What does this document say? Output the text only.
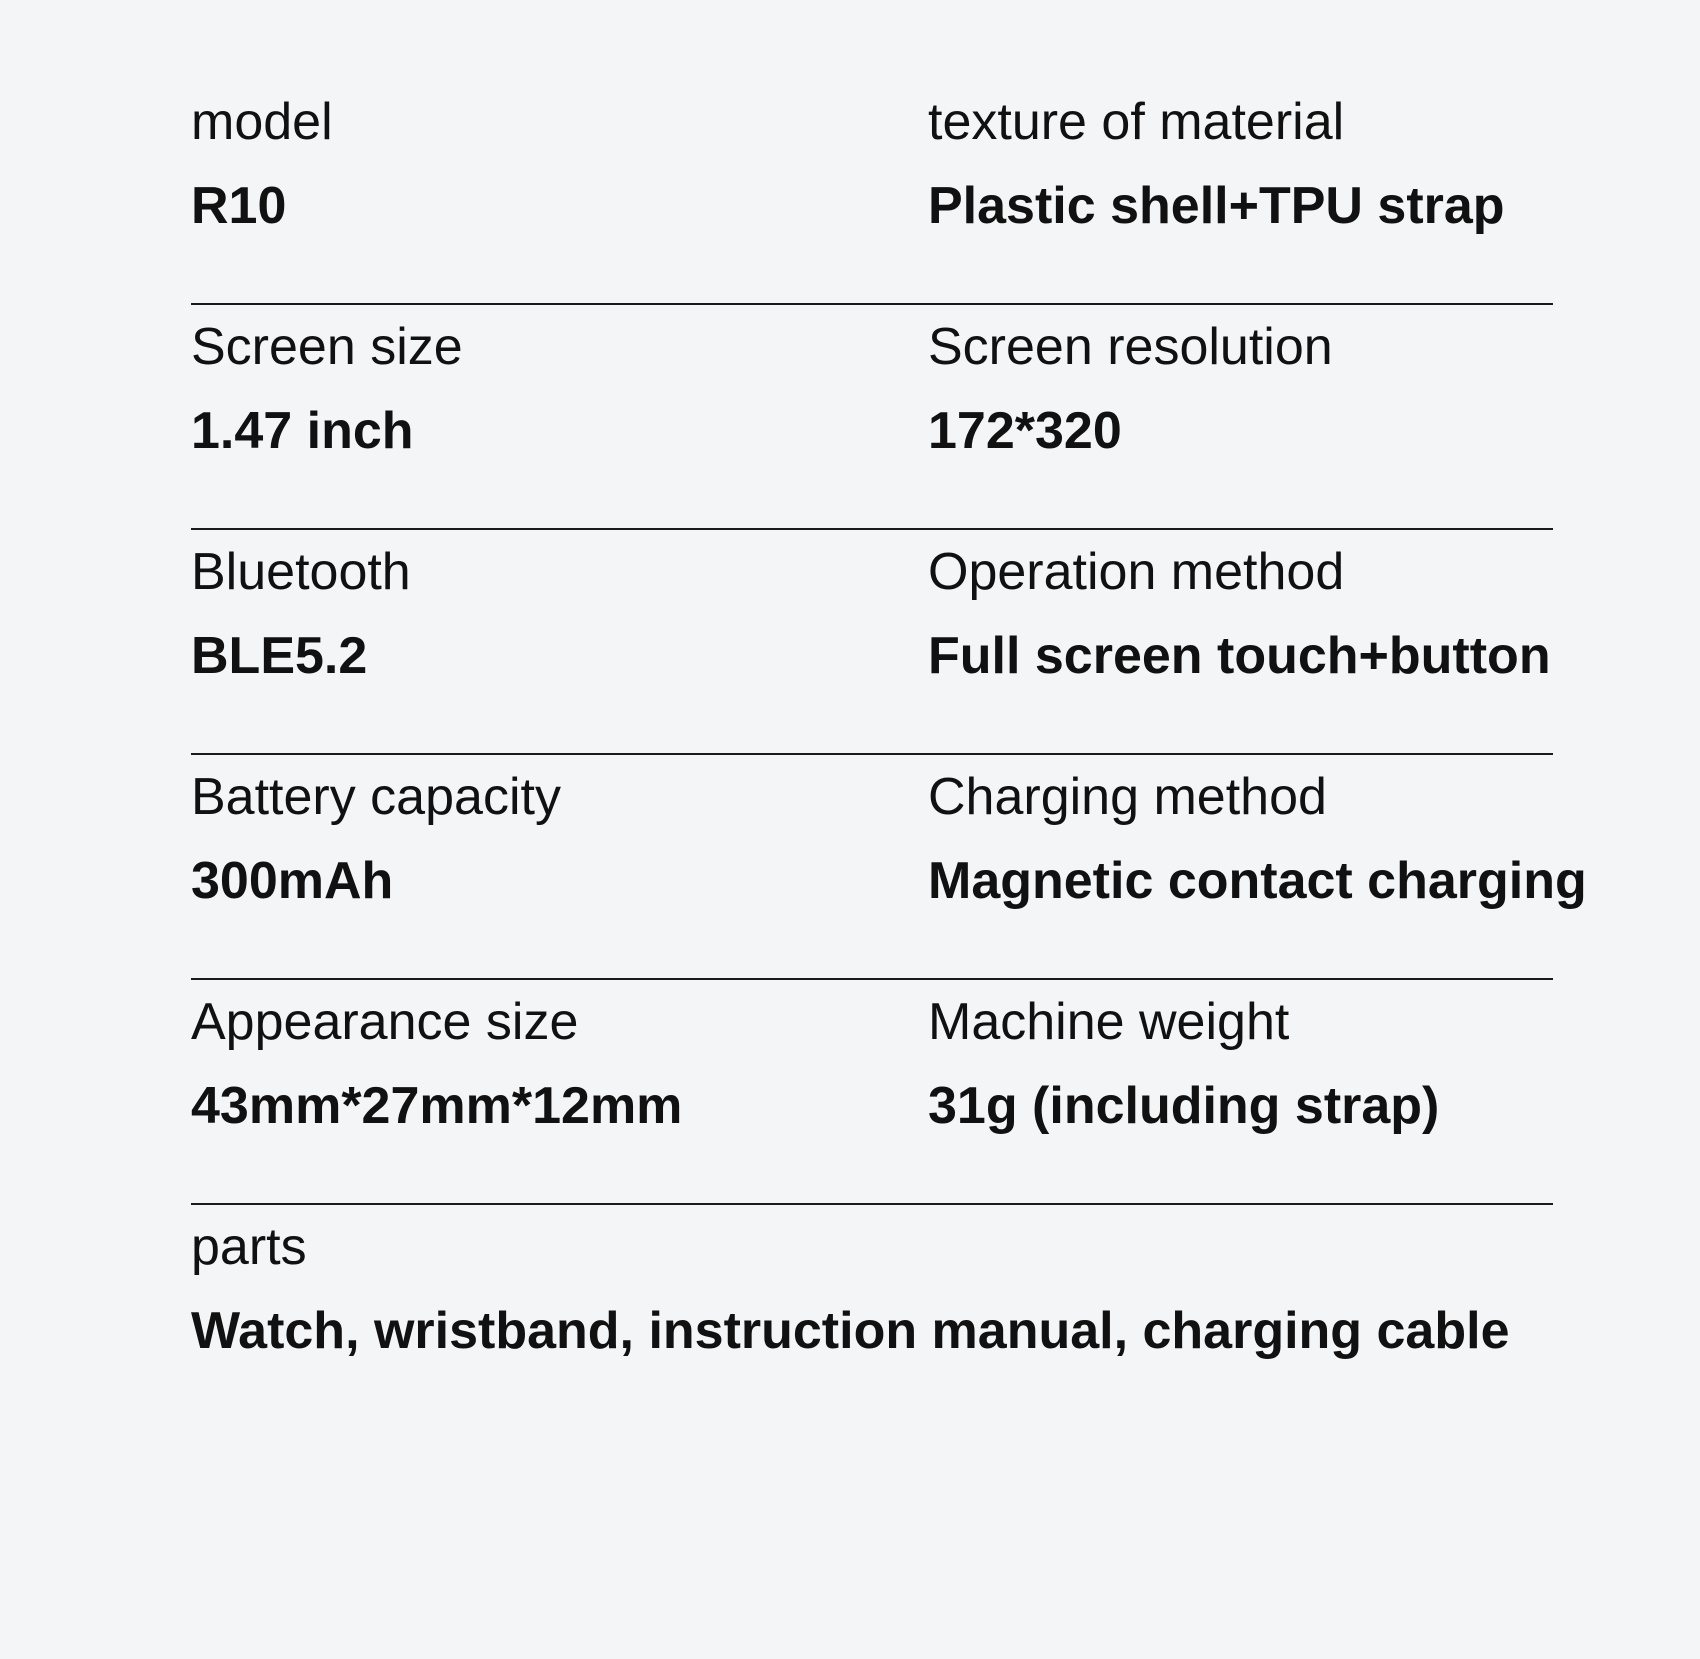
model
R10
texture of material
Plastic shell+TPU strap
Screen size
1.47 inch
Screen resolution
172*320
Bluetooth
BLE5.2
Operation method
Full screen touch+button
Battery capacity
300mAh
Charging method
Magnetic contact charging
Appearance size
43mm*27mm*12mm
Machine weight
31g (including strap)
parts
Watch, wristband, instruction manual, charging cable
